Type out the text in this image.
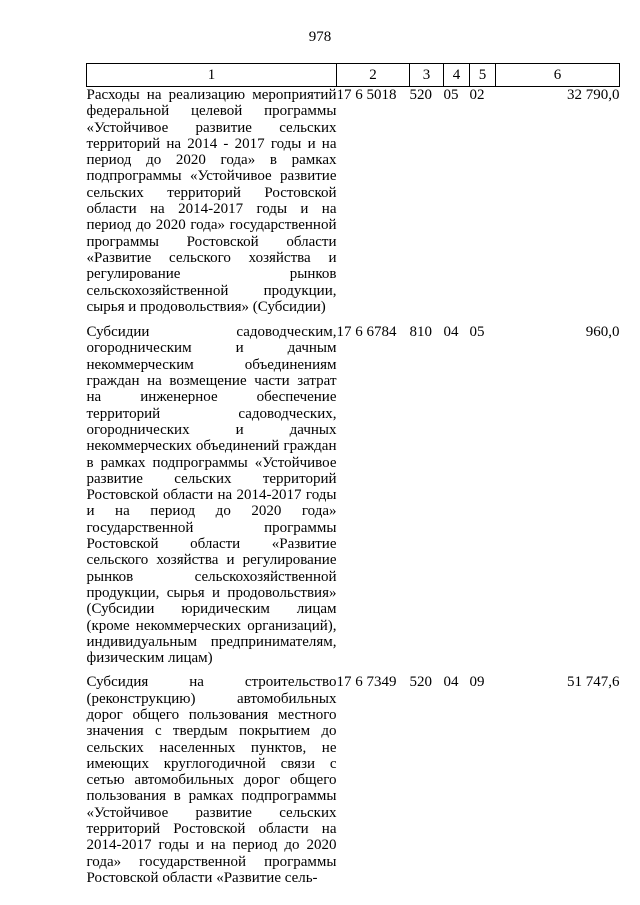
978
1	2	3	4	5	6
Расходы на реализацию мероприятий федеральной целевой программы «Устойчивое развитие сельских территорий на 2014 - 2017 годы и на период до 2020 года» в рамках подпрограммы «Устойчивое развитие сельских территорий Ростовской области на 2014-2017 годы и на период до 2020 года» государственной программы Ростовской области «Развитие сельского хозяйства и регулирование рынков сельскохозяйственной продукции, сырья и продовольствия» (Субсидии)	17 6 5018	520	05	02	32 790,0
Субсидии садоводческим, огородническим и дачным некоммерческим объединениям граждан на возмещение части затрат на инженерное обеспечение территорий садоводческих, огороднических и дачных некоммерческих объединений граждан в рамках подпрограммы «Устойчивое развитие сельских территорий Ростовской области на 2014-2017 годы и на период до 2020 года» государственной программы Ростовской области «Развитие сельского хозяйства и регулирование рынков сельскохозяйственной продукции, сырья и продовольствия» (Субсидии юридическим лицам (кроме некоммерческих организаций), индивидуальным предпринимателям, физическим лицам)	17 6 6784	810	04	05	960,0
Субсидия на строительство (реконструкцию) автомобильных дорог общего пользования местного значения с твердым покрытием до сельских населенных пунктов, не имеющих круглогодичной связи с сетью автомобильных дорог общего пользования в рамках подпрограммы «Устойчивое развитие сельских территорий Ростовской области на 2014-2017 годы и на период до 2020 года» государственной программы Ростовской области «Развитие сель-	17 6 7349	520	04	09	51 747,6
